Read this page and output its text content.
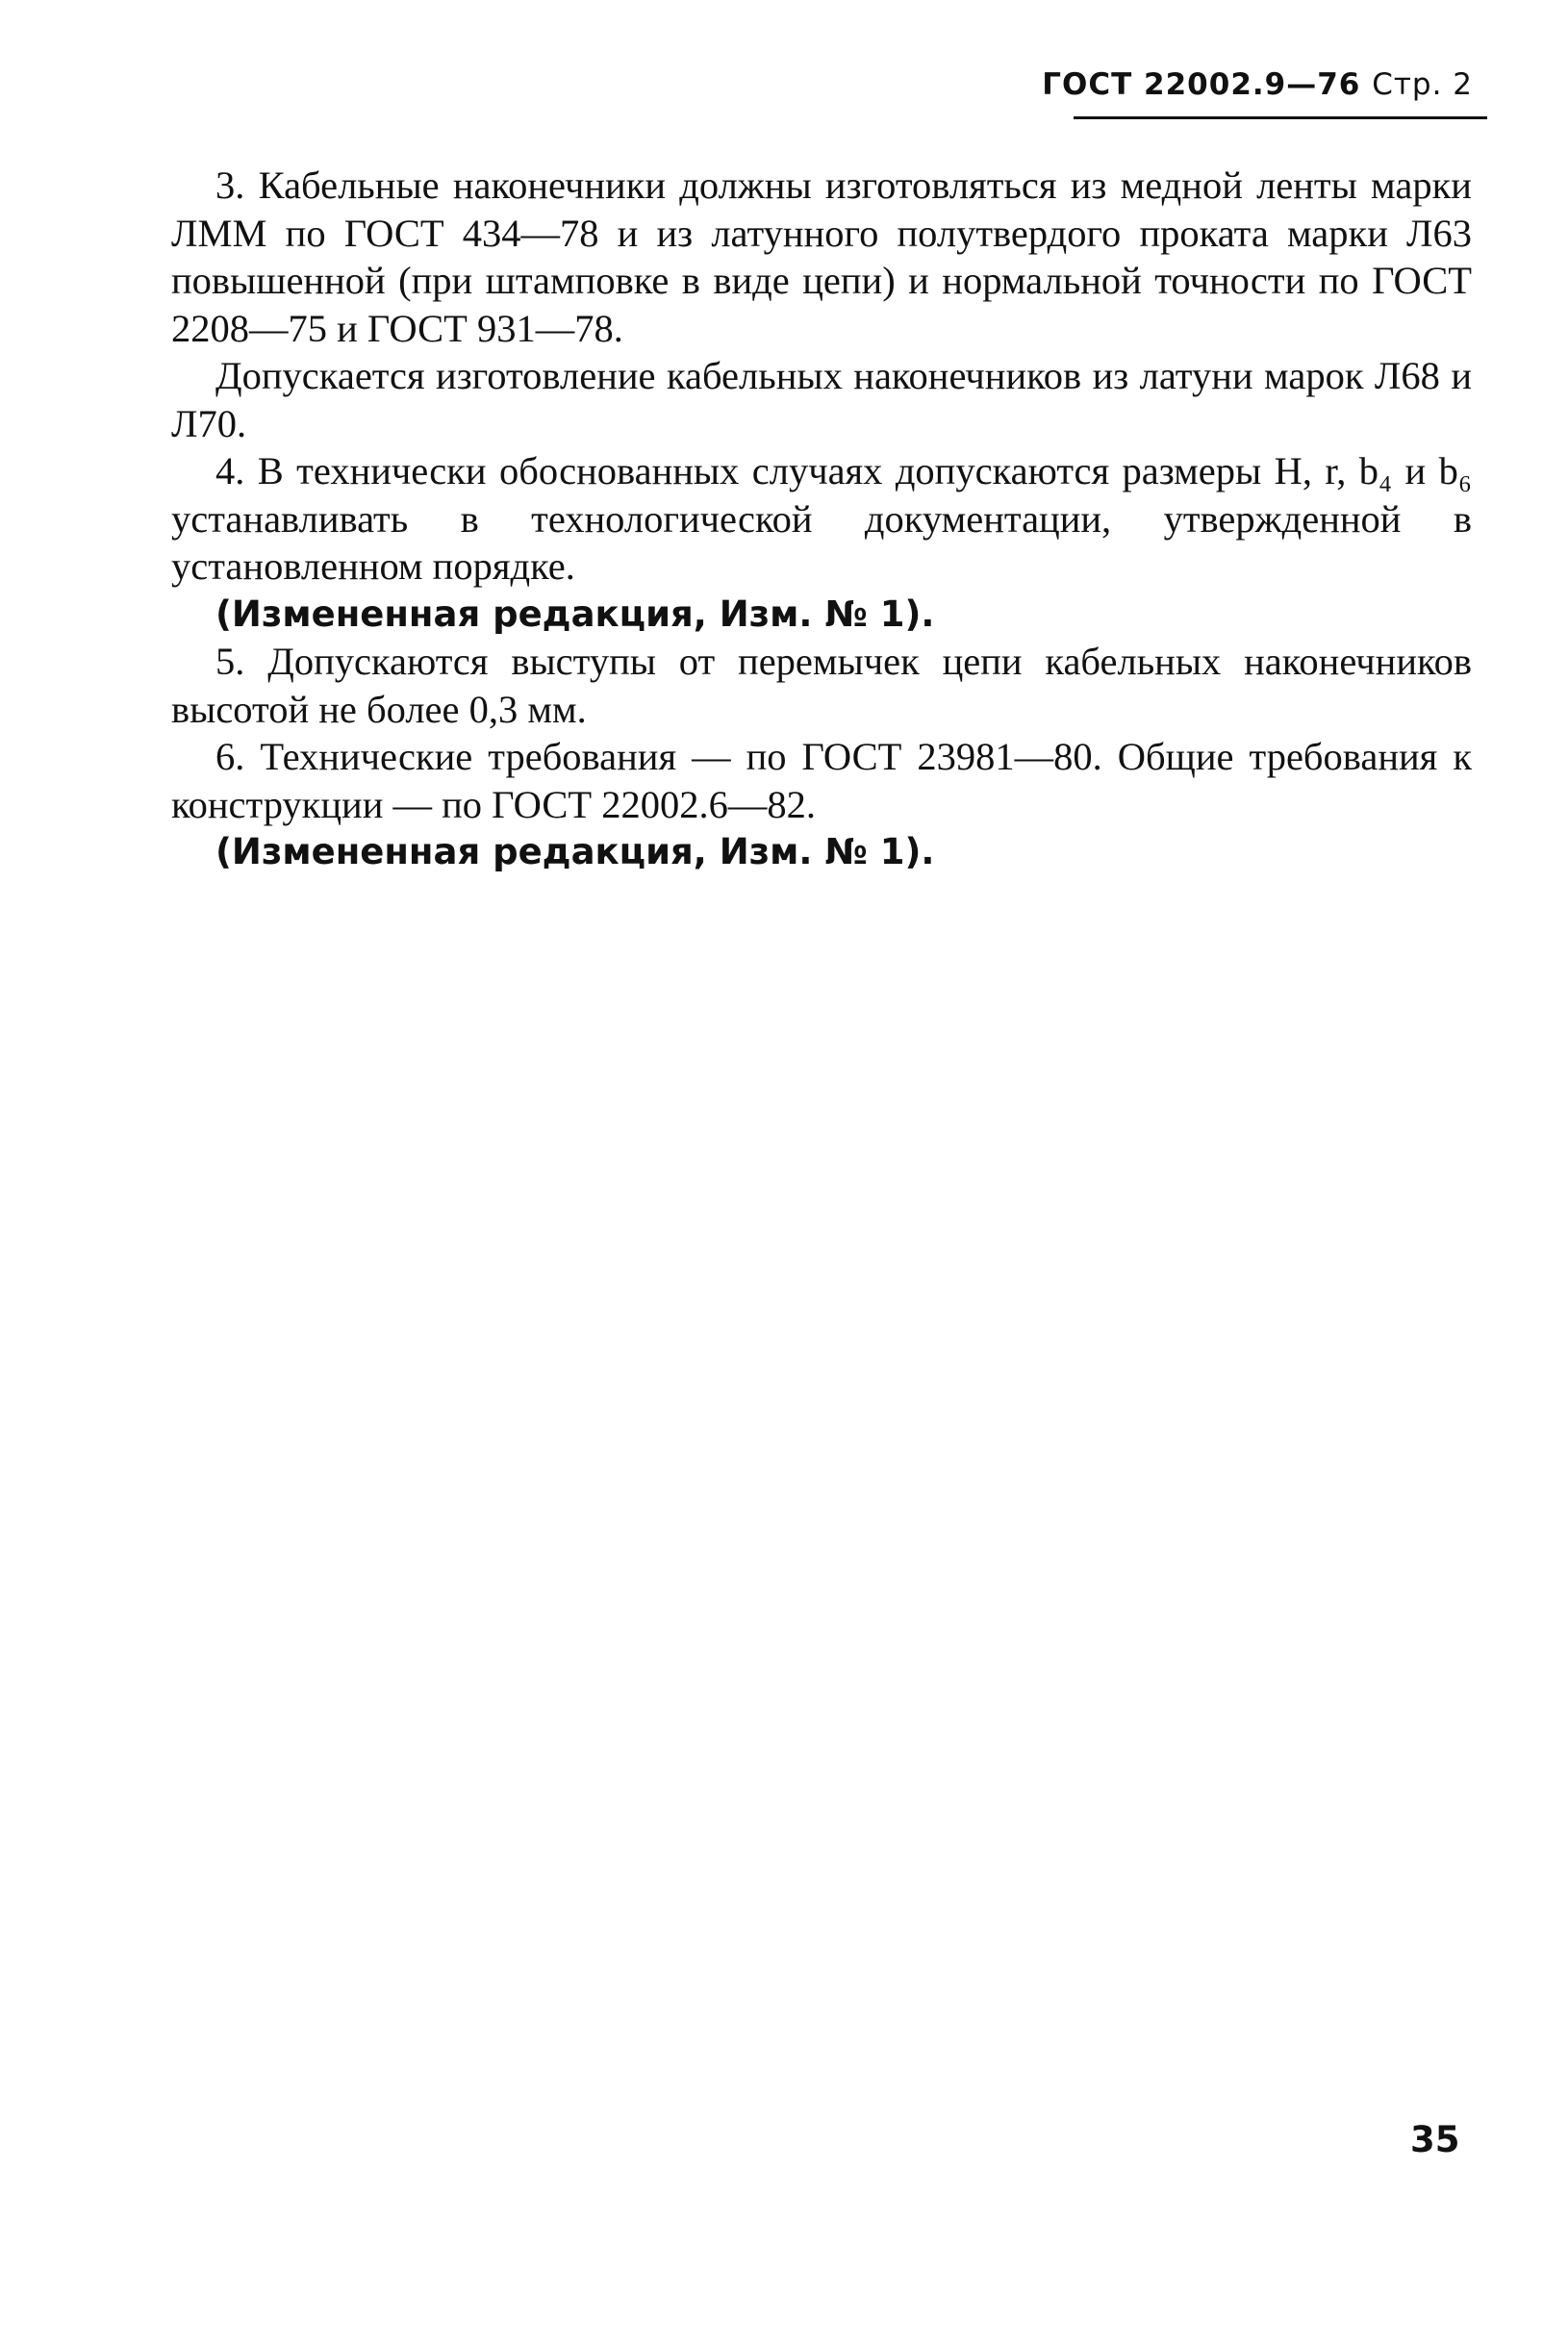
ГОСТ 22002.9—76 Стр. 2

3. Кабельные наконечники должны изготовляться из медной ленты марки ЛММ по ГОСТ 434—78 и из латунного полутвердого проката марки Л63 повышенной (при штамповке в виде цепи) и нормальной точности по ГОСТ 2208—75 и ГОСТ 931—78.

Допускается изготовление кабельных наконечников из латуни марок Л68 и Л70.

4. В технически обоснованных случаях допускаются размеры H, r, b₄ и b₆ устанавливать в технологической документации, утвержденной в установленном порядке.

(Измененная редакция, Изм. № 1).

5. Допускаются выступы от перемычек цепи кабельных наконечников высотой не более 0,3 мм.

6. Технические требования — по ГОСТ 23981—80. Общие требования к конструкции — по ГОСТ 22002.6—82.

(Измененная редакция, Изм. № 1).

35
